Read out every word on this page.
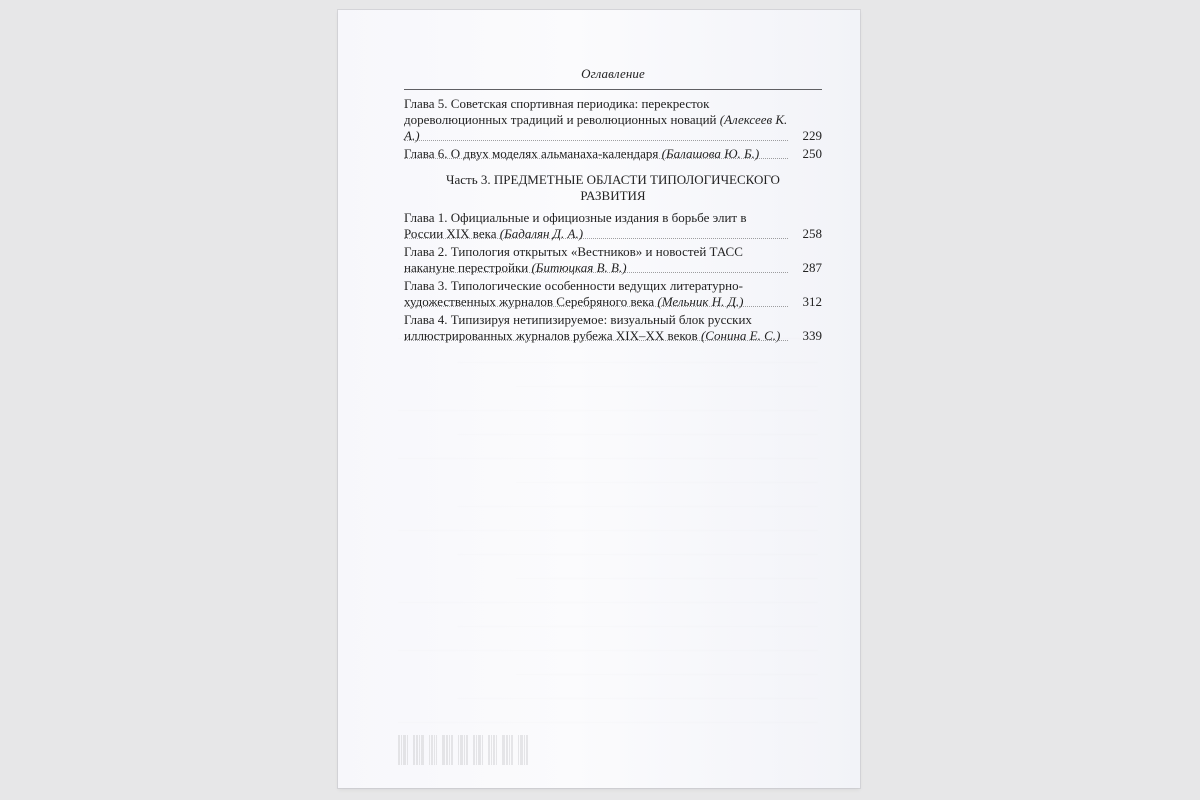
Оглавление
Глава 5. Советская спортивная периодика: перекресток дореволюционных традиций и революционных новаций (Алексеев К. А.)	229
Глава 6. О двух моделях альманаха-календаря (Балашова Ю. Б.)	250
Часть 3. ПРЕДМЕТНЫЕ ОБЛАСТИ ТИПОЛОГИЧЕСКОГО
РАЗВИТИЯ
Глава 1. Официальные и официозные издания в борьбе элит в России XIX века (Бадалян Д. А.)	258
Глава 2. Типология открытых «Вестников» и новостей ТАСС накануне перестройки (Битюцкая В. В.)	287
Глава 3. Типологические особенности ведущих литературно-художественных журналов Серебряного века (Мельник Н. Д.)	312
Глава 4. Типизируя нетипизируемое: визуальный блок русских иллюстрированных журналов рубежа XIX–XX веков (Сонина Е. С.)	339
